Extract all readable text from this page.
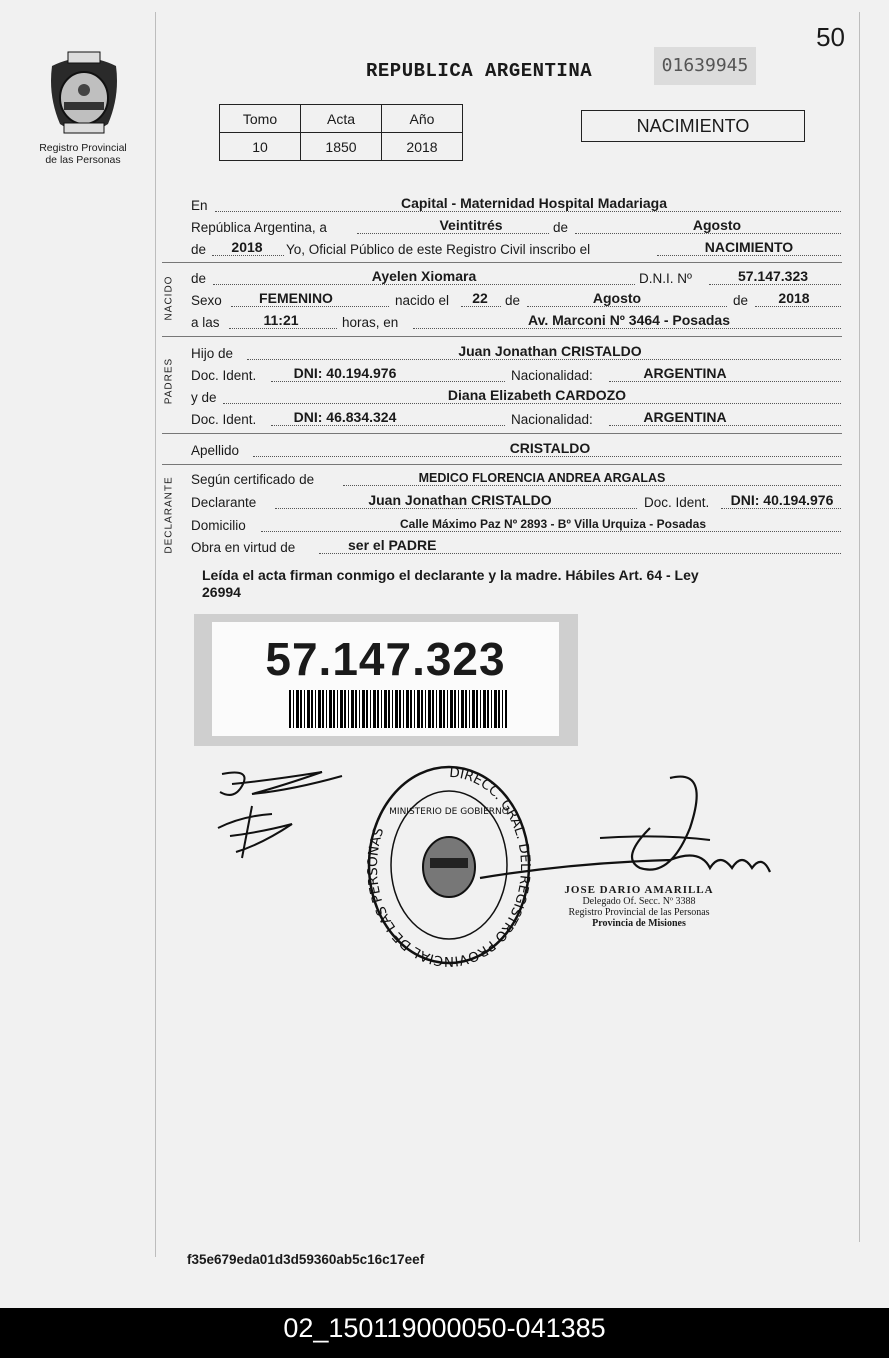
50
Registro Provincial
de las Personas
REPUBLICA ARGENTINA	01639945
Tomo	Acta	Año
10	1850	2018
NACIMIENTO
En	Capital - Maternidad Hospital Madariaga
República Argentina, a	Veintitrés	de	Agosto
de 2018 Yo, Oficial Público de este Registro Civil inscribo el	NACIMIENTO
NACIDO de	Ayelen Xiomara	D.N.I. Nº	57.147.323
Sexo	FEMENINO	nacido el 22 de	Agosto	de 2018
a las	11:21	horas, en	Av. Marconi Nº 3464 - Posadas
PADRES
Hijo de	Juan Jonathan CRISTALDO
Doc. Ident.	DNI: 40.194.976	Nacionalidad:	ARGENTINA
y de	Diana Elizabeth CARDOZO
Doc. Ident.	DNI: 46.834.324	Nacionalidad:	ARGENTINA
Apellido	CRISTALDO
DECLARANTE Según certificado de	MEDICO FLORENCIA ANDREA ARGALAS
Declarante	Juan Jonathan CRISTALDO	Doc. Ident. DNI: 40.194.976
Domicilio	Calle Máximo Paz Nº 2893 - Bº Villa Urquiza - Posadas
Obra en virtud de	ser el PADRE
Leída el acta firman conmigo el declarante y la madre. Hábiles Art. 64 - Ley
26994
57.147.323
DIRECC. GRAL. DEL REGISTRO PROVINCIAL DE LAS PERSONAS
MINISTERIO DE GOBIERNO
JOSE DARIO AMARILLA
Delegado Of. Secc. Nº 3388
Registro Provincial de las Personas
Provincia de Misiones
f35e679eda01d3d59360ab5c16c17eef
02_150119000050-041385
